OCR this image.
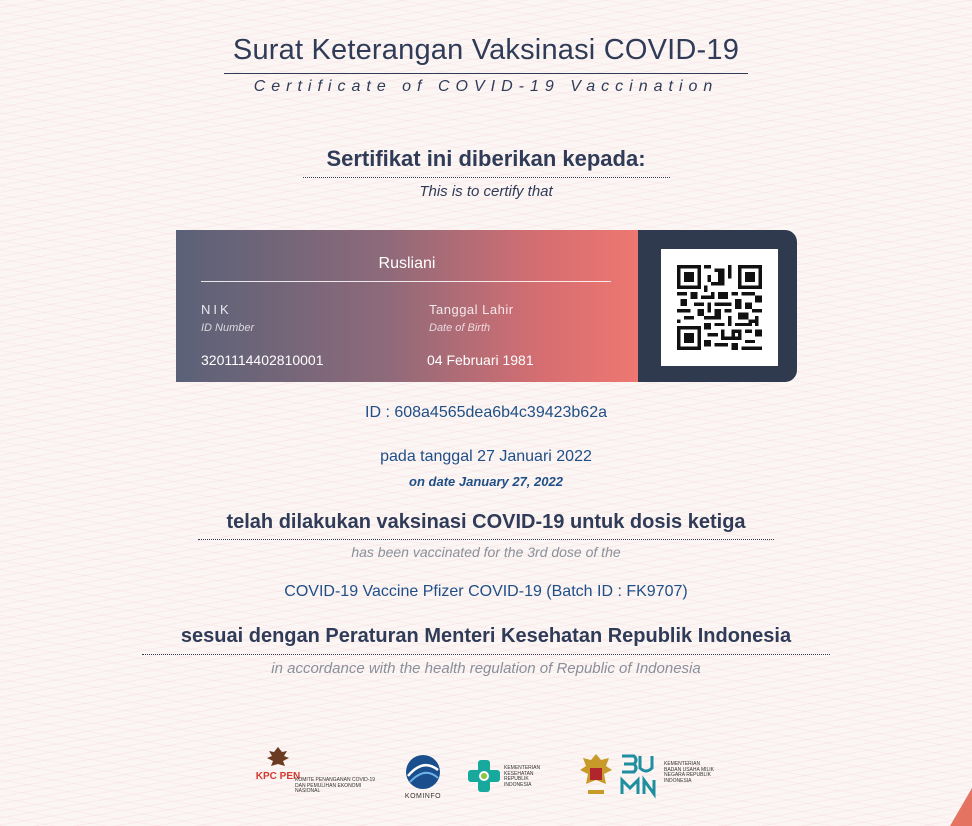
Surat Keterangan Vaksinasi COVID-19
Certificate of COVID-19 Vaccination
Sertifikat ini diberikan kepada:
This is to certify that
Rusliani
NIK
ID Number
3201114402810001
Tanggal Lahir
Date of Birth
04 Februari 1981
ID : 608a4565dea6b4c39423b62a
pada tanggal 27 Januari 2022
on date January 27, 2022
telah dilakukan vaksinasi COVID-19 untuk dosis ketiga
has been vaccinated for the 3rd dose of the
COVID-19 Vaccine Pfizer COVID-19 (Batch ID : FK9707)
sesuai dengan Peraturan Menteri Kesehatan Republik Indonesia
in accordance with the health regulation of Republic of Indonesia
KPC PEN
KOMITE PENANGANAN COVID-19 DAN PEMULIHAN EKONOMI NASIONAL
KOMINFO
KEMENTERIAN KESEHATAN REPUBLIK INDONESIA
KEMENTERIAN BADAN USAHA MILIK NEGARA REPUBLIK INDONESIA
